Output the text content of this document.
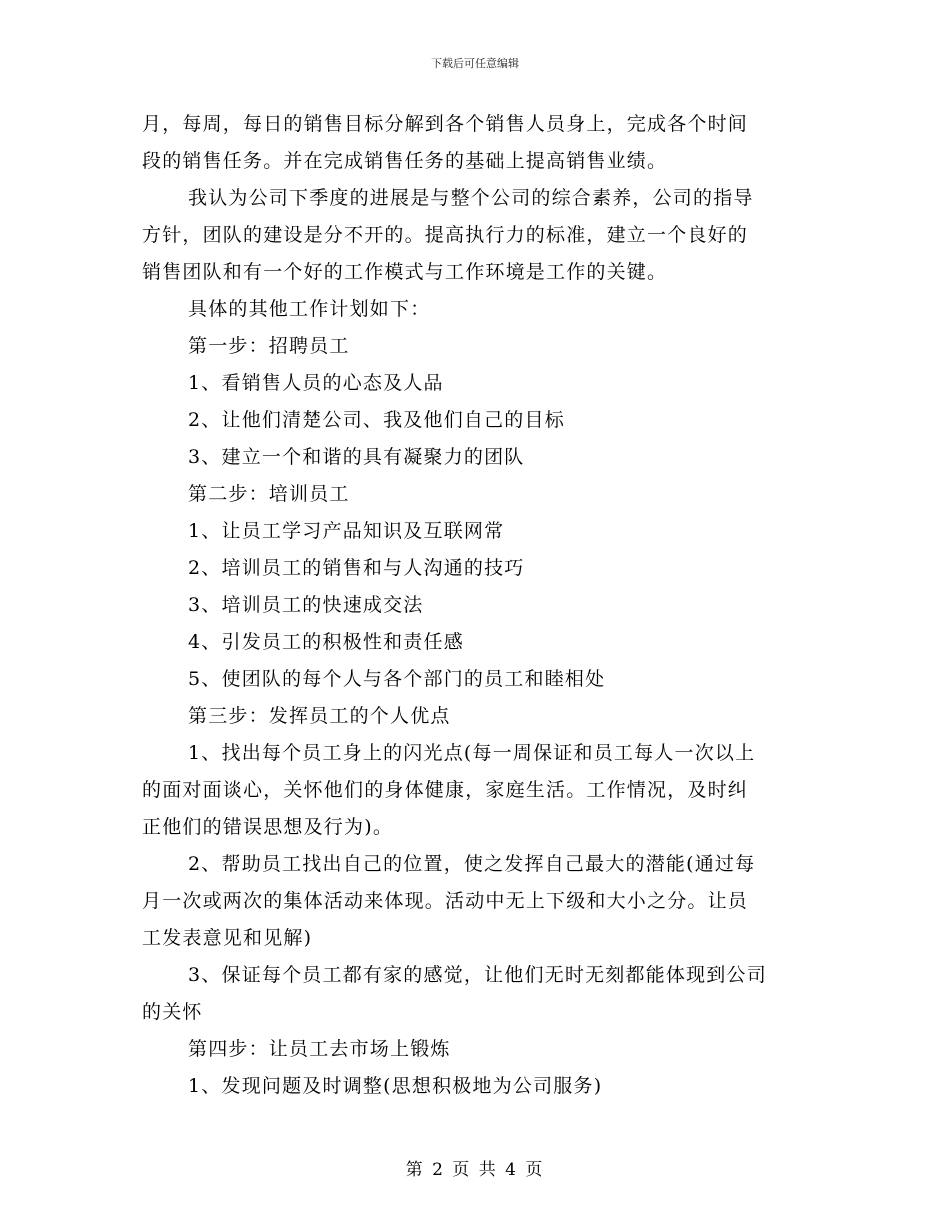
下载后可任意编辑
月，每周，每日的销售目标分解到各个销售人员身上，完成各个时间
段的销售任务。并在完成销售任务的基础上提高销售业绩。
我认为公司下季度的进展是与整个公司的综合素养，公司的指导
方针，团队的建设是分不开的。提高执行力的标准，建立一个良好的
销售团队和有一个好的工作模式与工作环境是工作的关键。
具体的其他工作计划如下：
第一步：招聘员工
1、看销售人员的心态及人品
2、让他们清楚公司、我及他们自己的目标
3、建立一个和谐的具有凝聚力的团队
第二步：培训员工
1、让员工学习产品知识及互联网常
2、培训员工的销售和与人沟通的技巧
3、培训员工的快速成交法
4、引发员工的积极性和责任感
5、使团队的每个人与各个部门的员工和睦相处
第三步：发挥员工的个人优点
1、找出每个员工身上的闪光点(每一周保证和员工每人一次以上
的面对面谈心，关怀他们的身体健康，家庭生活。工作情况，及时纠
正他们的错误思想及行为)。
2、帮助员工找出自己的位置，使之发挥自己最大的潜能(通过每
月一次或两次的集体活动来体现。活动中无上下级和大小之分。让员
工发表意见和见解)
3、保证每个员工都有家的感觉，让他们无时无刻都能体现到公司
的关怀
第四步：让员工去市场上锻炼
1、发现问题及时调整(思想积极地为公司服务)
第 2 页 共 4 页
